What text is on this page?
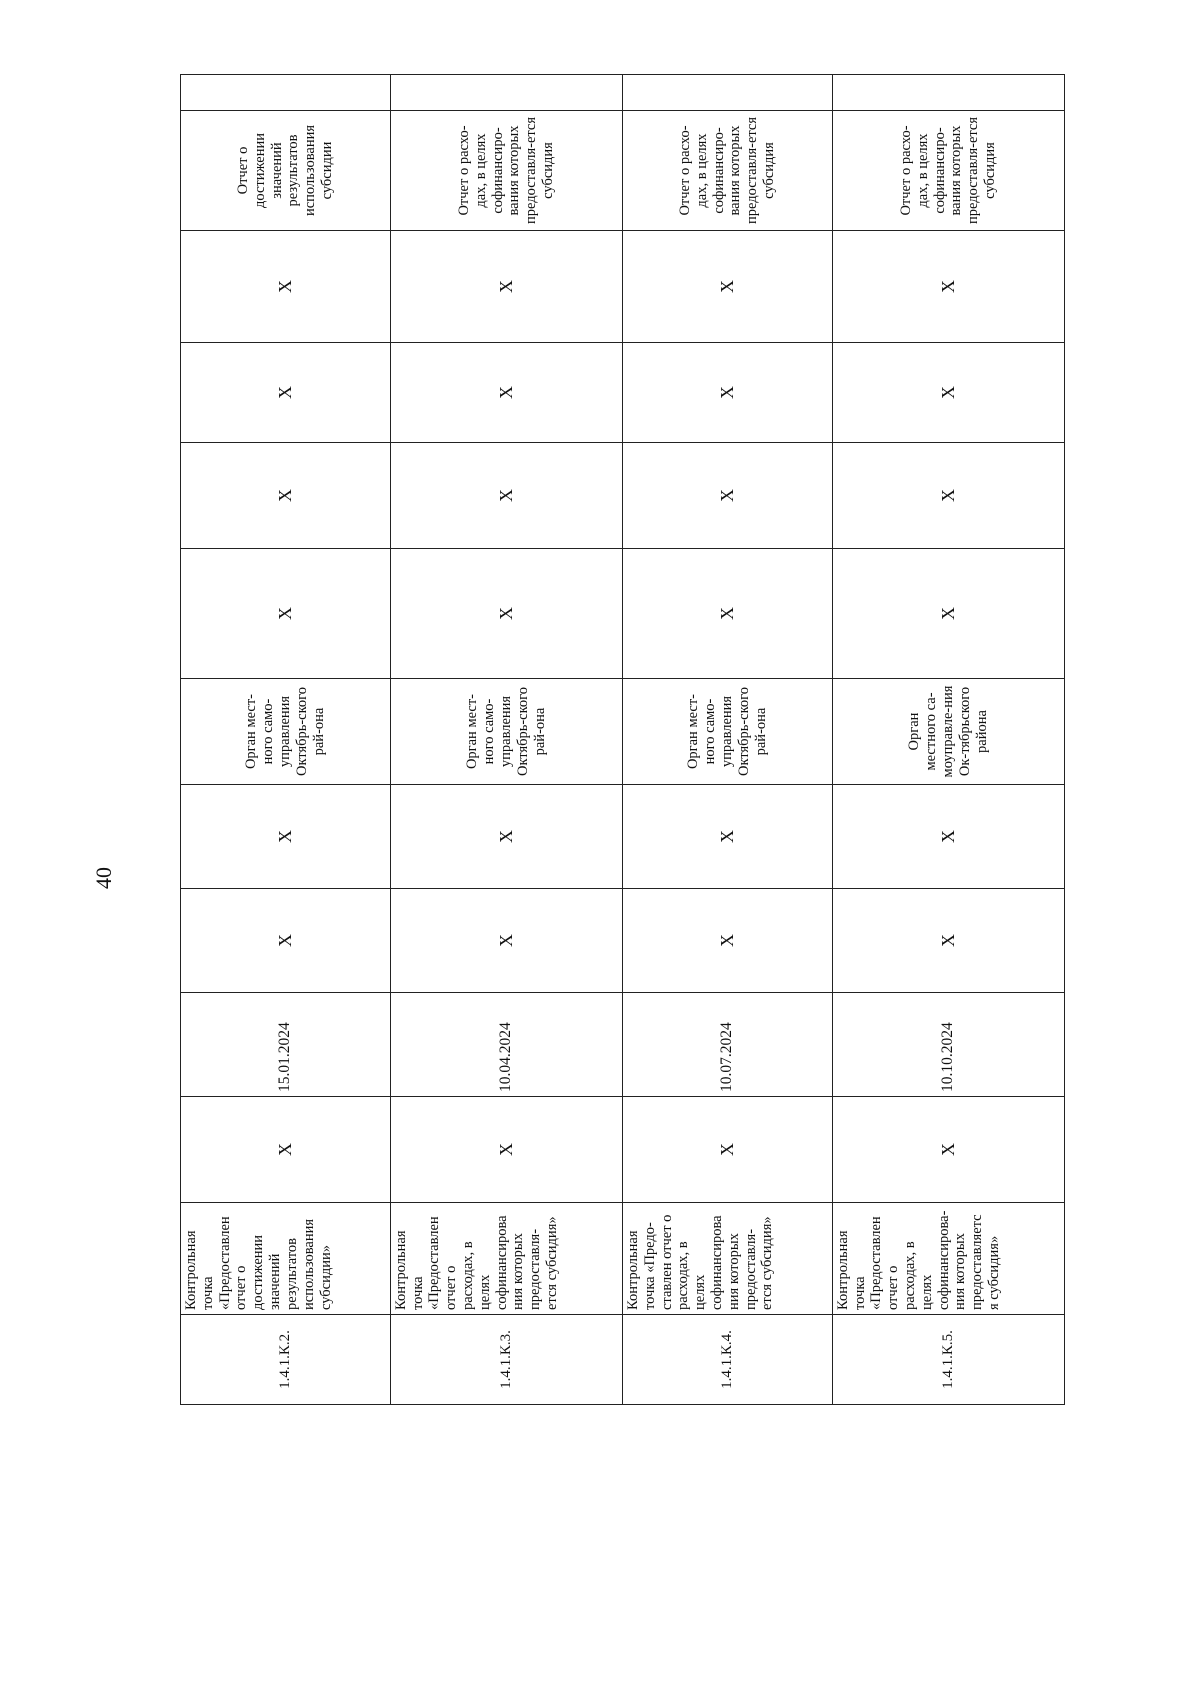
40
1.4.1.К.2.	Контрольная точка «Предоставлен отчет о достижении значений результатов использования субсидии»	X	15.01.2024	X	X	Орган мест-ного само-управления Октябрь-ского рай-она	X	X	X	X	Отчет о достижении значений результатов использования субсидии	
1.4.1.К.3.	Контрольная точка «Предоставлен отчет о расходах, в целях софинансирова ния которых предоставля-ется субсидия»	X	10.04.2024	X	X	Орган мест-ного само-управления Октябрь-ского рай-она	X	X	X	X	Отчет о расхо-дах, в целях софинансиро-вания которых предоставля-ется субсидия	
1.4.1.К.4.	Контрольная точка «Предо-ставлен отчет о расходах, в целях софинансирова ния которых предоставля-ется субсидия»	X	10.07.2024	X	X	Орган мест-ного само-управления Октябрь-ского рай-она	X	X	X	X	Отчет о расхо-дах, в целях софинансиро-вания которых предоставля-ется субсидия	
1.4.1.К.5.	Контрольная точка «Предоставлен отчет о расходах, в целях софинансирова-ния которых предоставляетс я субсидия»	X	10.10.2024	X	X	Орган местного са-моуправле-ния Ок-тябрьского района	X	X	X	X	Отчет о расхо-дах, в целях софинансиро-вания которых предоставля-ется субсидия	
